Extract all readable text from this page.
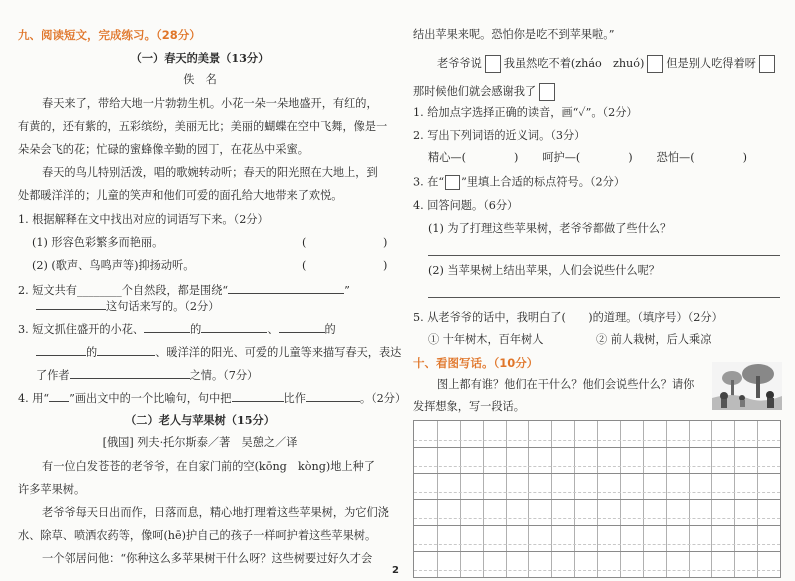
九、阅读短文，完成练习。（28分）
（一）春天的美景（13分）
佚　名
春天来了，带给大地一片勃勃生机。小花一朵一朵地盛开，有红的，
有黄的，还有紫的，五彩缤纷，美丽无比；美丽的蝴蝶在空中飞舞，像是一
朵朵会飞的花；忙碌的蜜蜂像辛勤的园丁，在花丛中采蜜。
春天的鸟儿特别活泼，唱的歌婉转动听；春天的阳光照在大地上，到
处都暖洋洋的；儿童的笑声和他们可爱的面孔给大地带来了欢悦。
1. 根据解释在文中找出对应的词语写下来。（2分）
(1) 形容色彩繁多而艳丽。	(	)
(2) (歌声、鸟鸣声等)抑扬动听。	(	)
2. 短文共有________个自然段，都是围绕“	”
这句话来写的。（2分）
3. 短文抓住盛开的小花、	的	、	的
的	、暖洋洋的阳光、可爱的儿童等来描写春天，表达
了作者	之情。（7分）
4. 用“ ”画出文中的一个比喻句，句中把	比作	。（2分）
（二）老人与苹果树（15分）
[俄国] 列夫·托尔斯泰／著　吴憩之／译
有一位白发苍苍的老爷爷，在自家门前的空(kōng　kòng)地上种了
许多苹果树。
老爷爷每天日出而作，日落而息，精心地打理着这些苹果树，为它们浇
水、除草、喷洒农药等，像呵(hē)护自己的孩子一样呵护着这些苹果树。
一个邻居问他：“你种这么多苹果树干什么呀？这些树要过好久才会
结出苹果来呢。恐怕你是吃不到苹果啦。”
老爷爷说 我虽然吃不着(zháo　zhuó) 但是别人吃得着呀
那时候他们就会感谢我了
1. 给加点字选择正确的读音，画“✓”。（2分）
2. 写出下列词语的近义词。（3分）
精心—(	) 呵护—(	) 恐怕—(	)
3. 在“ ”里填上合适的标点符号。（2分）
4. 回答问题。（6分）
(1) 为了打理这些苹果树，老爷爷都做了些什么？
(2) 当苹果树上结出苹果，人们会说些什么呢？
5. 从老爷爷的话中，我明白了(　　)的道理。（填序号）（2分）
① 十年树木，百年树人	② 前人栽树，后人乘凉
十、看图写话。（10分）
图上都有谁？他们在干什么？他们会说些什么？请你
发挥想象，写一段话。
2
